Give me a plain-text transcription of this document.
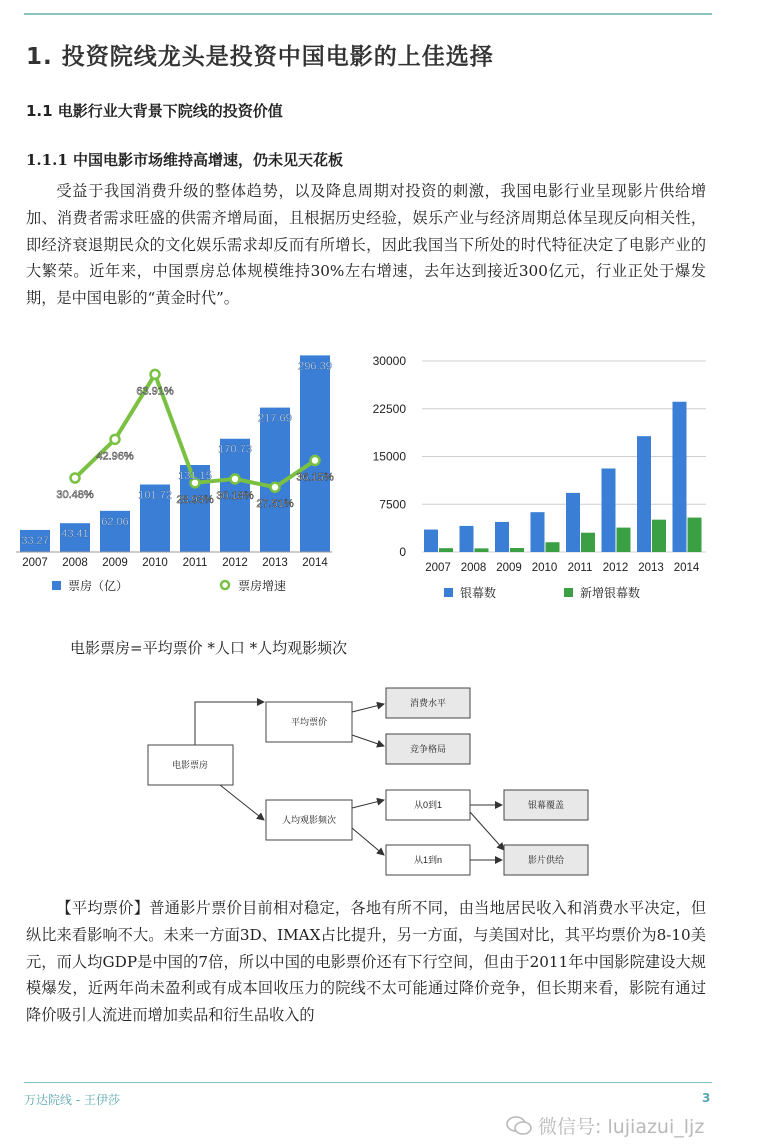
1. 投资院线龙头是投资中国电影的上佳选择
1.1 电影行业大背景下院线的投资价值
1.1.1 中国电影市场维持高增速，仍未见天花板

受益于我国消费升级的整体趋势，以及降息周期对投资的刺激，我国电影行业呈现影片供给增加、消费者需求旺盛的供需齐增局面，且根据历史经验，娱乐产业与经济周期总体呈现反向相关性，即经济衰退期民众的文化娱乐需求却反而有所增长，因此我国当下所处的时代特征决定了电影产业的大繁荣。近年来，中国票房总体规模维持30%左右增速，去年达到接近300亿元，行业正处于爆发期，是中国电影的“黄金时代”。

33.27
43.41
62.06
101.72
131.15
170.73
217.69
296.39
30.48%
42.96%
63.91%
28.93% 30.18%
27.51%
36.15%
2007 2008 2009 2010 2011 2012 2013 2014
票房（亿）	票房增速
30000
22500
15000
7500
0
2007 2008 2009 2010 2011 2012 2013 2014
银幕数	新增银幕数
电影票房=平均票价 *人口 *人均观影频次
电影票房
平均票价
人均观影频次
消费水平
竞争格局
从0到1
从1到n
银幕覆盖
影片供给

【平均票价】普通影片票价目前相对稳定，各地有所不同，由当地居民收入和消费水平决定，但纵比来看影响不大。未来一方面3D、IMAX占比提升，另一方面，与美国对比，其平均票价为8-10美元，而人均GDP是中国的7倍，所以中国的电影票价还有下行空间，但由于2011年中国影院建设大规模爆发，近两年尚未盈利或有成本回收压力的院线不太可能通过降价竞争，但长期来看，影院有通过降价吸引人流进而增加卖品和衍生品收入的

万达院线 - 王伊莎	3
微信号: lujiazui_ljz
